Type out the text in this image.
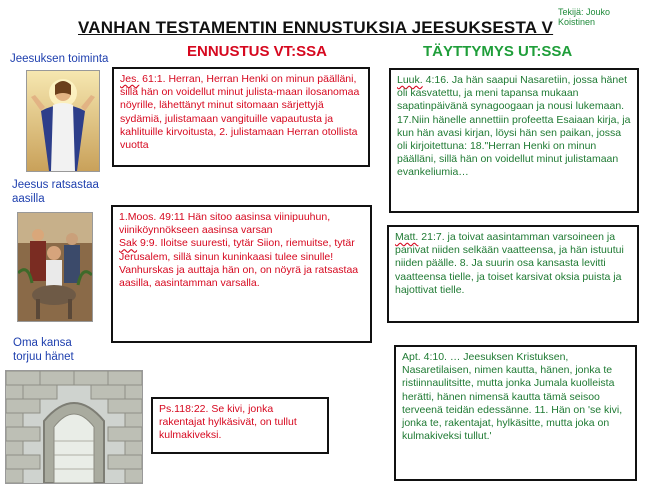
Tekijä: Jouko Koistinen
VANHAN TESTAMENTIN ENNUSTUKSIA JEESUKSESTA V
ENNUSTUS VT:SSA	TÄYTTYMYS UT:SSA
Jeesuksen toiminta
Jeesus ratsastaa aasilla
Oma kansa torjuu hänet

Jes. 61:1. Herran, Herran Henki on minun päälläni, sillä hän on voidellut minut julista-maan ilosanomaa nöyrille, lähettänyt minut sitomaan särjettyjä sydämiä, julistamaan vangituille vapautusta ja kahlituille kirvoitusta, 2. julistamaan Herran otollista vuotta

1.Moos. 49:11 Hän sitoo aasinsa viinipuuhun, viiniköynnökseen aasinsa varsan

Sak 9:9. Iloitse suuresti, tytär Siion, riemuitse, tytär Jerusalem, sillä sinun kuninkaasi tulee sinulle! Vanhurskas ja auttaja hän on, on nöyrä ja ratsastaa aasilla, aasintamman varsalla.

Ps.118:22. Se kivi, jonka rakentajat hylkäsivät, on tullut kulmakiveksi.

Luuk. 4:16. Ja hän saapui Nasaretiin, jossa hänet oli kasvatettu, ja meni tapansa mukaan sapatinpäivänä synagoogaan ja nousi lukemaan. 17.Niin hänelle annettiin profeetta Esaiaan kirja, ja kun hän avasi kirjan, löysi hän sen paikan, jossa oli kirjoitettuna: 18."Herran Henki on minun päälläni, sillä hän on voidellut minut julistamaan evankeliumia…

Matt. 21:7. ja toivat aasintamman varsoineen ja panivat niiden selkään vaatteensa, ja hän istuutui niiden päälle. 8. Ja suurin osa kansasta levitti vaatteensa tielle, ja toiset karsivat oksia puista ja hajottivat tielle.

Apt. 4:10. … Jeesuksen Kristuksen, Nasaretilaisen, nimen kautta, hänen, jonka te ristiinnaulitsitte, mutta jonka Jumala kuolleista herätti, hänen nimensä kautta tämä seisoo terveenä teidän edessänne. 11. Hän on 'se kivi, jonka te, rakentajat, hylkäsitte, mutta joka on kulmakiveksi tullut.'
